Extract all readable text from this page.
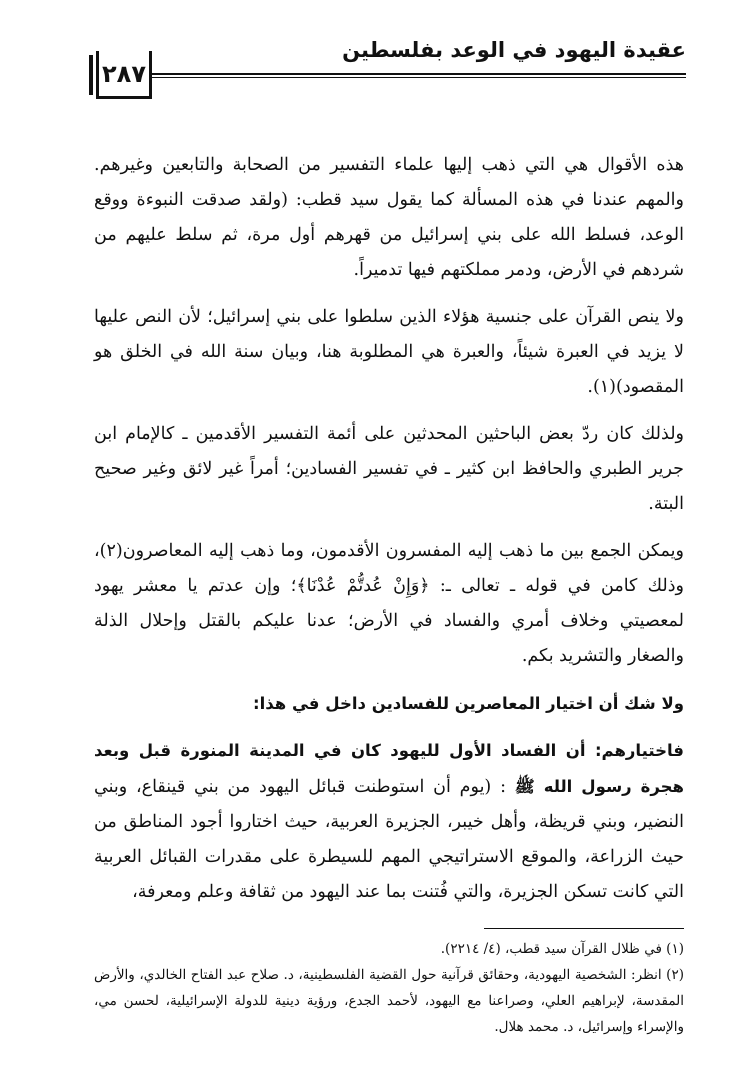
عقيدة اليهود في الوعد بفلسطين
٢٨٧

هذه الأقوال هي التي ذهب إليها علماء التفسير من الصحابة والتابعين وغيرهم. والمهم عندنا في هذه المسألة كما يقول سيد قطب: (ولقد صدقت النبوءة ووقع الوعد، فسلط الله على بني إسرائيل من قهرهم أول مرة، ثم سلط عليهم من شردهم في الأرض، ودمر مملكتهم فيها تدميراً.

ولا ينص القرآن على جنسية هؤلاء الذين سلطوا على بني إسرائيل؛ لأن النص عليها لا يزيد في العبرة شيئاً، والعبرة هي المطلوبة هنا، وبيان سنة الله في الخلق هو المقصود)(١).

ولذلك كان ردّ بعض الباحثين المحدثين على أئمة التفسير الأقدمين ـ كالإمام ابن جرير الطبري والحافظ ابن كثير ـ في تفسير الفسادين؛ أمراً غير لائق وغير صحيح البتة.

ويمكن الجمع بين ما ذهب إليه المفسرون الأقدمون، وما ذهب إليه المعاصرون(٢)، وذلك كامن في قوله ـ تعالى ـ: ﴿وَإِنْ عُدتُّمْ عُدْنَا﴾؛ وإن عدتم يا معشر يهود لمعصيتي وخلاف أمري والفساد في الأرض؛ عدنا عليكم بالقتل وإحلال الذلة والصغار والتشريد بكم.

ولا شك أن اختيار المعاصرين للفسادين داخل في هذا:

فاختيارهم: أن الفساد الأول لليهود كان في المدينة المنورة قبل وبعد هجرة رسول الله ﷺ : (يوم أن استوطنت قبائل اليهود من بني قينقاع، وبني النضير، وبني قريظة، وأهل خيبر، الجزيرة العربية، حيث اختاروا أجود المناطق من حيث الزراعة، والموقع الاستراتيجي المهم للسيطرة على مقدرات القبائل العربية التي كانت تسكن الجزيرة، والتي فُتنت بما عند اليهود من ثقافة وعلم ومعرفة،

(١) في ظلال القرآن سيد قطب، (٤/ ٢٢١٤).

(٢) انظر: الشخصية اليهودية، وحقائق قرآنية حول القضية الفلسطينية، د. صلاح عبد الفتاح الخالدي، والأرض المقدسة، لإبراهيم العلي، وصراعنا مع اليهود، لأحمد الجدع، ورؤية دينية للدولة الإسرائيلية، لحسن مي، والإسراء وإسرائيل، د. محمد هلال.
